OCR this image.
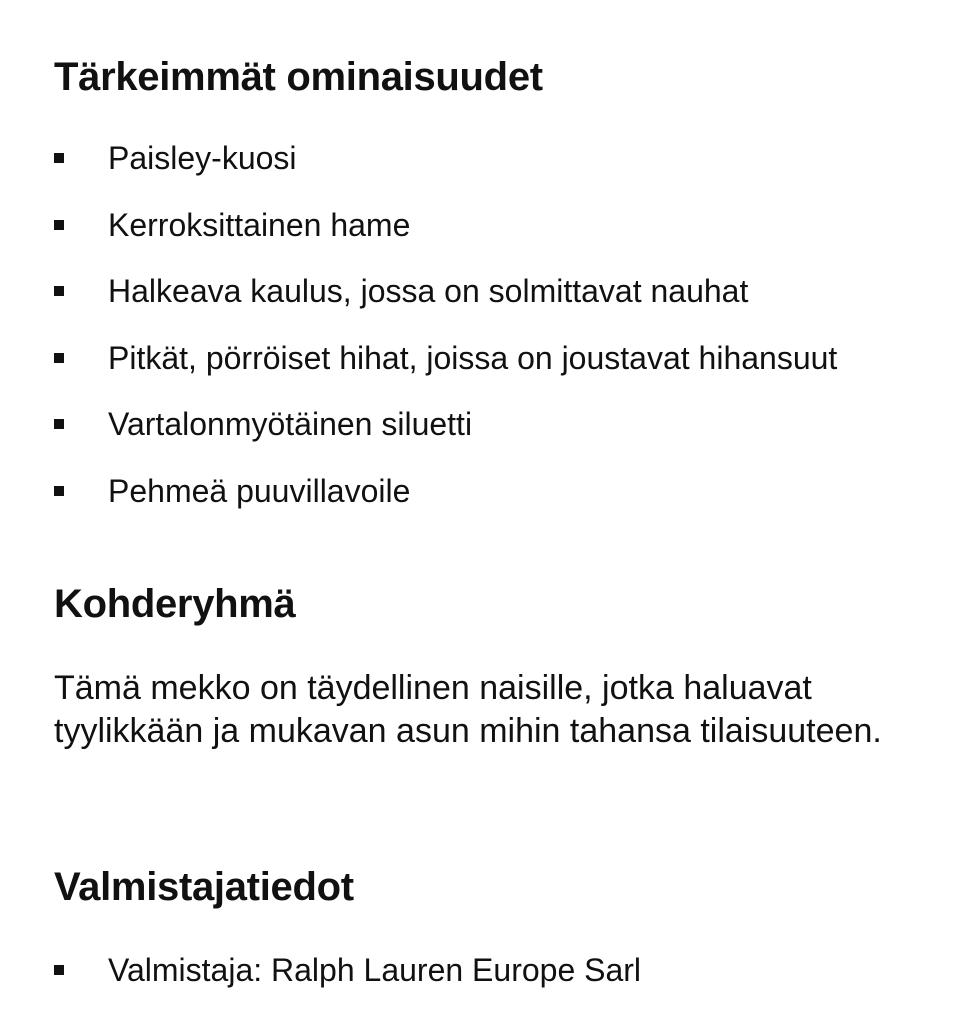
Tärkeimmät ominaisuudet
Paisley-kuosi
Kerroksittainen hame
Halkeava kaulus, jossa on solmittavat nauhat
Pitkät, pörröiset hihat, joissa on joustavat hihansuut
Vartalonmyötäinen siluetti
Pehmeä puuvillavoile
Kohderyhmä

Tämä mekko on täydellinen naisille, jotka haluavat tyylikkään ja mukavan asun mihin tahansa tilaisuuteen.

Valmistajatiedot
Valmistaja: Ralph Lauren Europe Sarl
